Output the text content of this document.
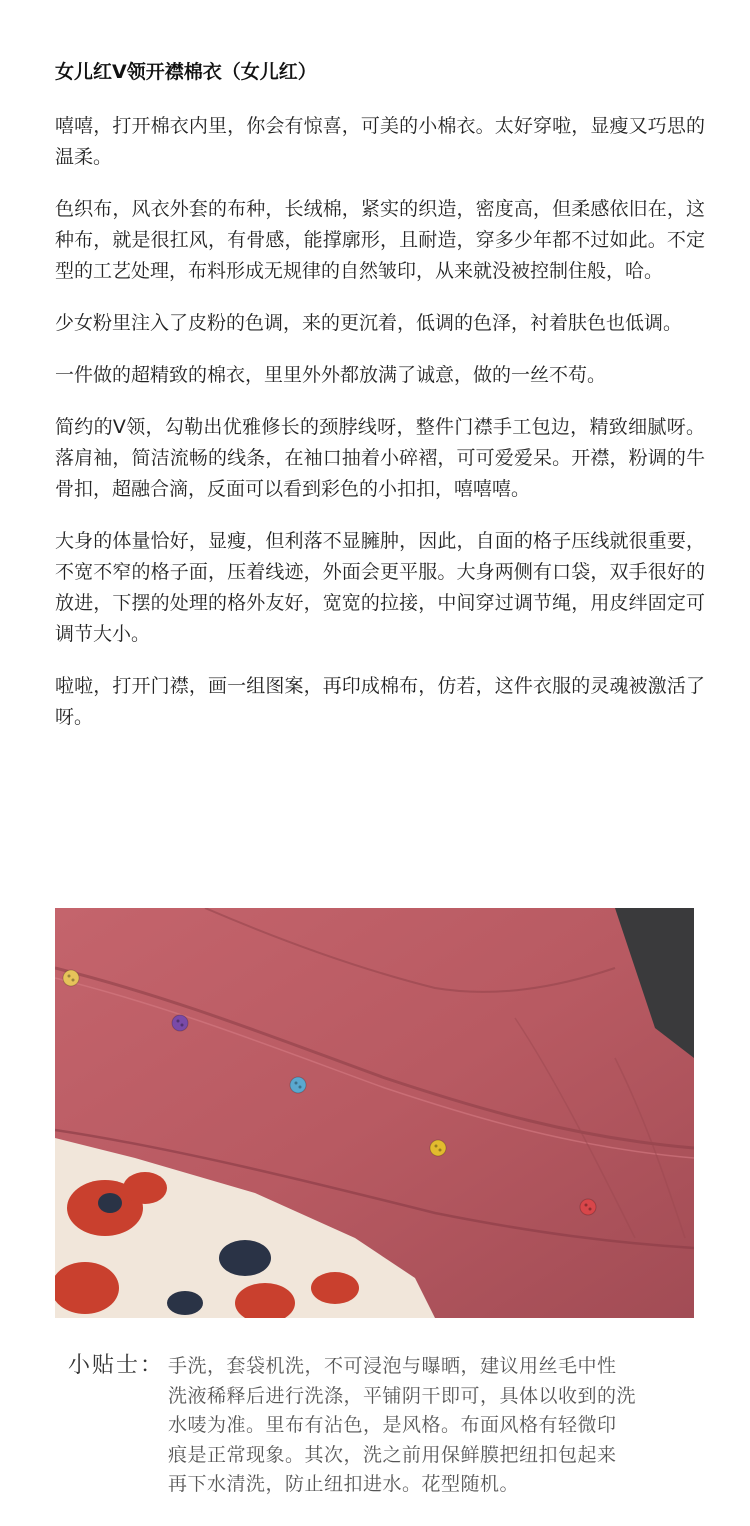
女儿红V领开襟棉衣（女儿红）

嘻嘻，打开棉衣内里，你会有惊喜，可美的小棉衣。太好穿啦，显瘦又巧思的温柔。

色织布，风衣外套的布种，长绒棉，紧实的织造，密度高，但柔感依旧在，这种布，就是很扛风，有骨感，能撑廓形，且耐造，穿多少年都不过如此。不定型的工艺处理，布料形成无规律的自然皱印，从来就没被控制住般，哈。

少女粉里注入了皮粉的色调，来的更沉着，低调的色泽，衬着肤色也低调。

一件做的超精致的棉衣，里里外外都放满了诚意，做的一丝不苟。

简约的V领，勾勒出优雅修长的颈脖线呀，整件门襟手工包边，精致细腻呀。落肩袖，简洁流畅的线条，在袖口抽着小碎褶，可可爱爱呆。开襟，粉调的牛骨扣，超融合滴，反面可以看到彩色的小扣扣，嘻嘻嘻。

大身的体量恰好，显瘦，但利落不显臃肿，因此，自面的格子压线就很重要，不宽不窄的格子面，压着线迹，外面会更平服。大身两侧有口袋，双手很好的放进，下摆的处理的格外友好，宽宽的拉接，中间穿过调节绳，用皮绊固定可调节大小。

啦啦，打开门襟，画一组图案，再印成棉布，仿若，这件衣服的灵魂被激活了呀。

小贴士： 手洗，套袋机洗，不可浸泡与曝晒，建议用丝毛中性
洗液稀释后进行洗涤，平铺阴干即可，具体以收到的洗
水唛为准。里布有沾色，是风格。布面风格有轻微印
痕是正常现象。其次，洗之前用保鲜膜把纽扣包起来
再下水清洗，防止纽扣进水。花型随机。
